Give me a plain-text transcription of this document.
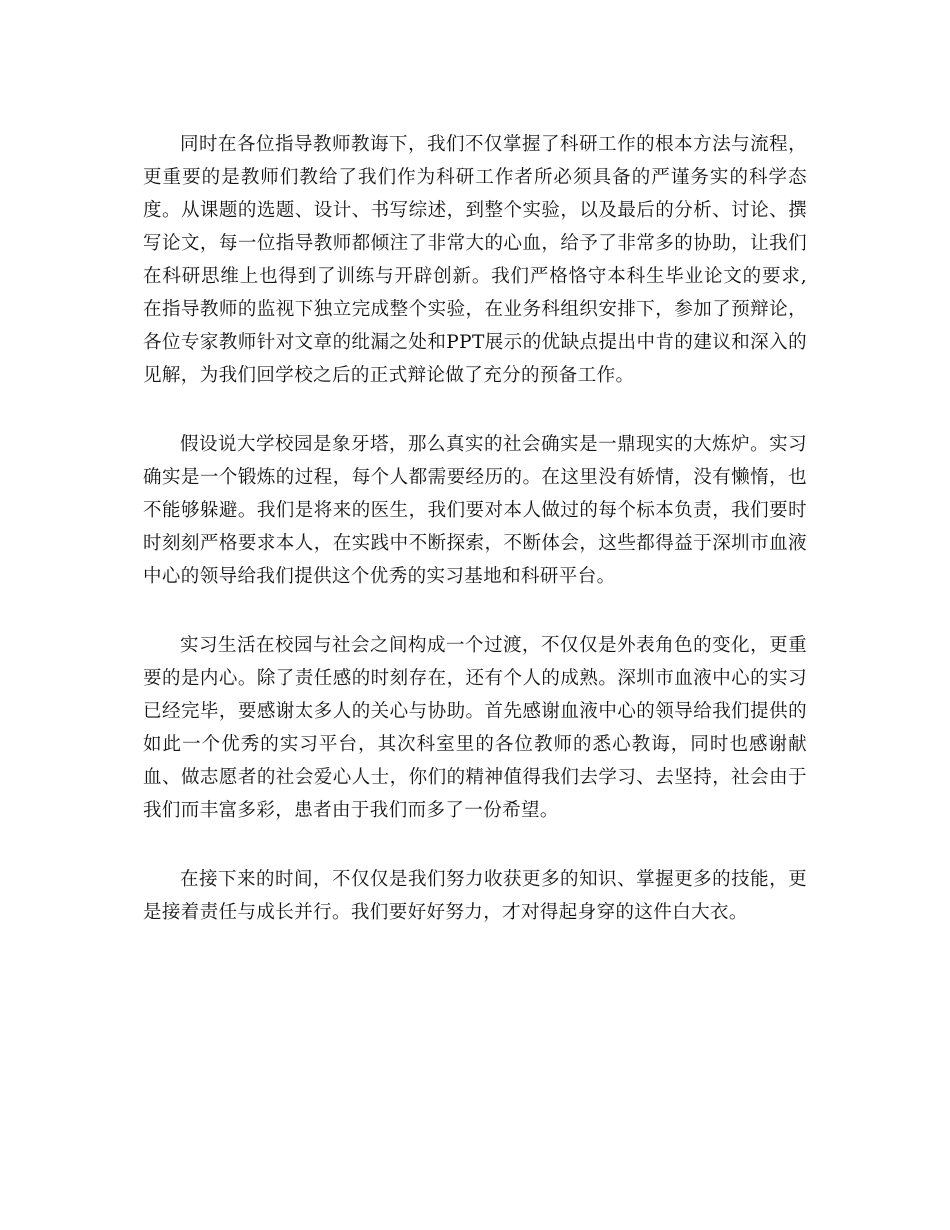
同时在各位指导教师教诲下，我们不仅掌握了科研工作的根本方法与流程，更重要的是教师们教给了我们作为科研工作者所必须具备的严谨务实的科学态度。从课题的选题、设计、书写综述，到整个实验，以及最后的分析、讨论、撰写论文，每一位指导教师都倾注了非常大的心血，给予了非常多的协助，让我们在科研思维上也得到了训练与开辟创新。我们严格恪守本科生毕业论文的要求,在指导教师的监视下独立完成整个实验，在业务科组织安排下，参加了预辩论，各位专家教师针对文章的纰漏之处和PPT展示的优缺点提出中肯的建议和深入的见解，为我们回学校之后的正式辩论做了充分的预备工作。

假设说大学校园是象牙塔，那么真实的社会确实是一鼎现实的大炼炉。实习确实是一个锻炼的过程，每个人都需要经历的。在这里没有娇情，没有懒惰，也不能够躲避。我们是将来的医生，我们要对本人做过的每个标本负责，我们要时时刻刻严格要求本人，在实践中不断探索，不断体会，这些都得益于深圳市血液中心的领导给我们提供这个优秀的实习基地和科研平台。

实习生活在校园与社会之间构成一个过渡，不仅仅是外表角色的变化，更重要的是内心。除了责任感的时刻存在，还有个人的成熟。深圳市血液中心的实习已经完毕，要感谢太多人的关心与协助。首先感谢血液中心的领导给我们提供的如此一个优秀的实习平台，其次科室里的各位教师的悉心教诲，同时也感谢献血、做志愿者的社会爱心人士，你们的精神值得我们去学习、去坚持，社会由于我们而丰富多彩，患者由于我们而多了一份希望。

在接下来的时间，不仅仅是我们努力收获更多的知识、掌握更多的技能，更是接着责任与成长并行。我们要好好努力，才对得起身穿的这件白大衣。
